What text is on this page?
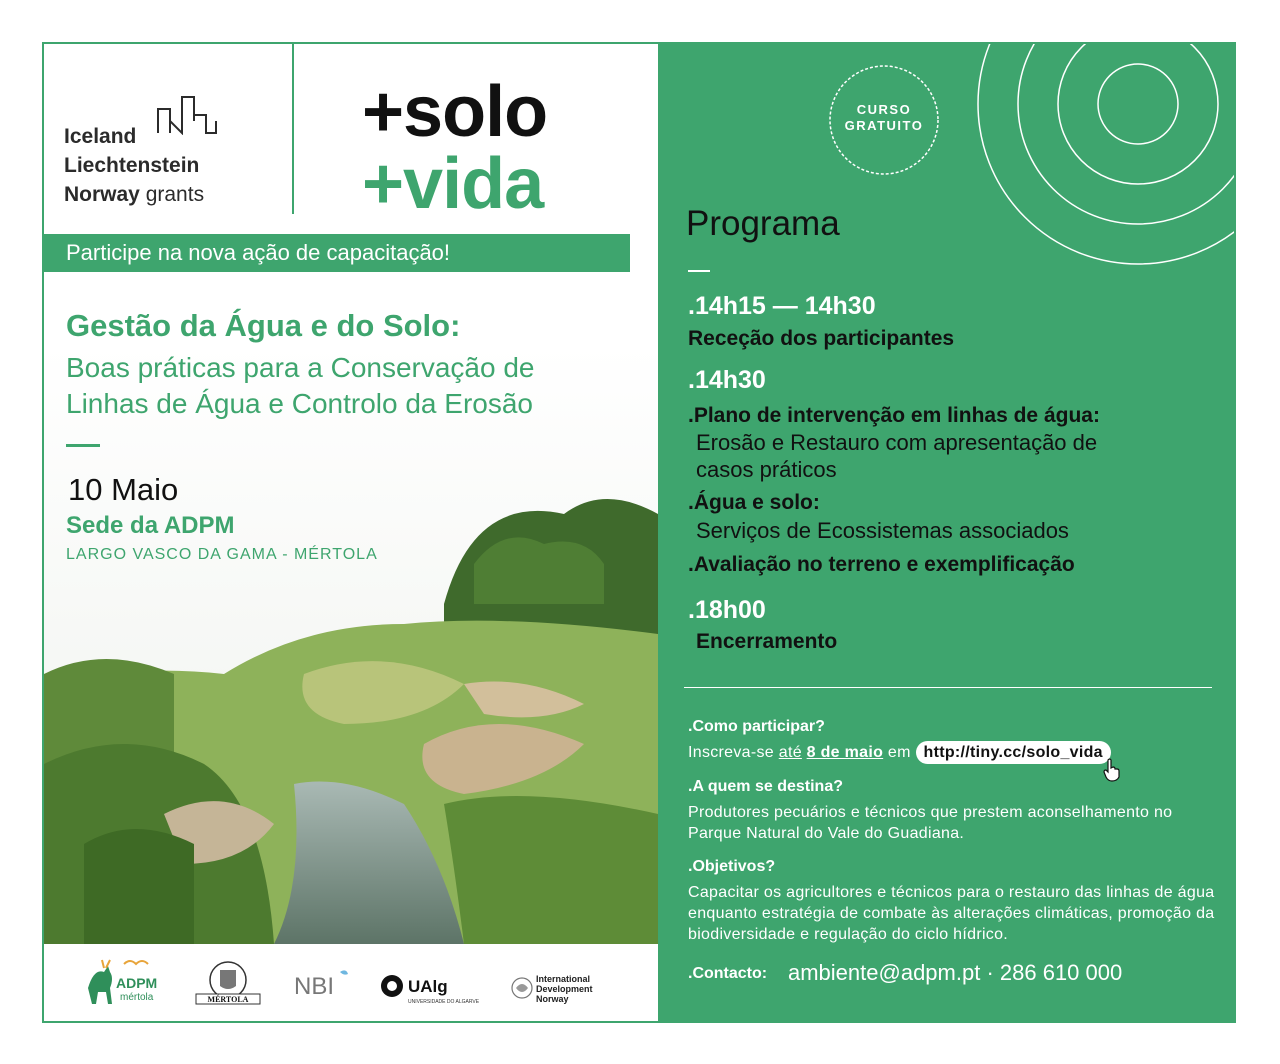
Iceland
Liechtenstein
Norway grants
+solo
+vida
Participe na nova ação de capacitação!
Gestão da Água e do Solo:
Boas práticas para a Conservação de
Linhas de Água e Controlo da Erosão
10 Maio
Sede da ADPM
LARGO VASCO DA GAMA - MÉRTOLA
ADPM
mértola	MÉRTOLA NBI	UAlg
UNIVERSIDADE DO ALGARVE
International
Development
Norway
CURSO
GRATUITO
Programa
.14h15 — 14h30
Receção dos participantes
.14h30
.Plano de intervenção em linhas de água:
Erosão e Restauro com apresentação de
casos práticos
.Água e solo:
Serviços de Ecossistemas associados
.Avaliação no terreno e exemplificação
.18h00
Encerramento
.Como participar?
Inscreva-se até 8 de maio em http://tiny.cc/solo_vida
.A quem se destina?
Produtores pecuários e técnicos que prestem aconselhamento no Parque Natural do Vale do Guadiana.
.Objetivos?
Capacitar os agricultores e técnicos para o restauro das linhas de água enquanto estratégia de combate às alterações climáticas, promoção da biodiversidade e regulação do ciclo hídrico.
.Contacto: ambiente@adpm.pt · 286 610 000
